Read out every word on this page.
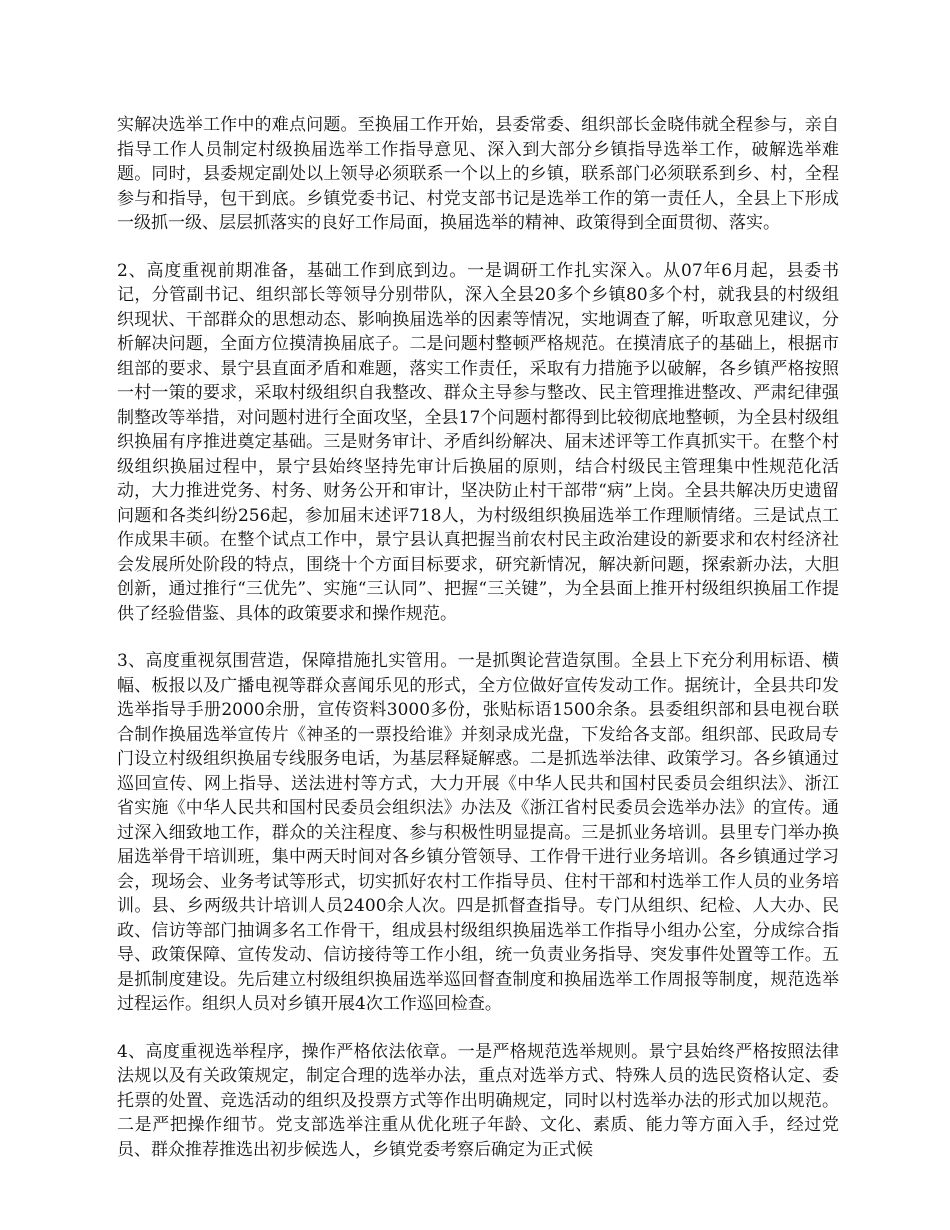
实解决选举工作中的难点问题。至换届工作开始，县委常委、组织部长金晓伟就全程参与，亲自指导工作人员制定村级换届选举工作指导意见、深入到大部分乡镇指导选举工作，破解选举难题。同时，县委规定副处以上领导必须联系一个以上的乡镇，联系部门必须联系到乡、村，全程参与和指导，包干到底。乡镇党委书记、村党支部书记是选举工作的第一责任人，全县上下形成一级抓一级、层层抓落实的良好工作局面，换届选举的精神、政策得到全面贯彻、落实。

2、高度重视前期准备，基础工作到底到边。一是调研工作扎实深入。从07年6月起，县委书记，分管副书记、组织部长等领导分别带队，深入全县20多个乡镇80多个村，就我县的村级组织现状、干部群众的思想动态、影响换届选举的因素等情况，实地调查了解，听取意见建议，分析解决问题，全面方位摸清换届底子。二是问题村整顿严格规范。在摸清底子的基础上，根据市组部的要求、景宁县直面矛盾和难题，落实工作责任，采取有力措施予以破解，各乡镇严格按照一村一策的要求，采取村级组织自我整改、群众主导参与整改、民主管理推进整改、严肃纪律强制整改等举措，对问题村进行全面攻坚，全县17个问题村都得到比较彻底地整顿，为全县村级组织换届有序推进奠定基础。三是财务审计、矛盾纠纷解决、届末述评等工作真抓实干。在整个村级组织换届过程中，景宁县始终坚持先审计后换届的原则，结合村级民主管理集中性规范化活动，大力推进党务、村务、财务公开和审计，坚决防止村干部带“病”上岗。全县共解决历史遗留问题和各类纠纷256起，参加届末述评718人，为村级组织换届选举工作理顺情绪。三是试点工作成果丰硕。在整个试点工作中，景宁县认真把握当前农村民主政治建设的新要求和农村经济社会发展所处阶段的特点，围绕十个方面目标要求，研究新情况，解决新问题，探索新办法，大胆创新，通过推行“三优先”、实施“三认同”、把握“三关键”，为全县面上推开村级组织换届工作提供了经验借鉴、具体的政策要求和操作规范。

3、高度重视氛围营造，保障措施扎实管用。一是抓舆论营造氛围。全县上下充分利用标语、横幅、板报以及广播电视等群众喜闻乐见的形式，全方位做好宣传发动工作。据统计，全县共印发选举指导手册2000余册，宣传资料3000多份，张贴标语1500余条。县委组织部和县电视台联合制作换届选举宣传片《神圣的一票投给谁》并刻录成光盘，下发给各支部。组织部、民政局专门设立村级组织换届专线服务电话，为基层释疑解惑。二是抓选举法律、政策学习。各乡镇通过巡回宣传、网上指导、送法进村等方式，大力开展《中华人民共和国村民委员会组织法》、浙江省实施《中华人民共和国村民委员会组织法》办法及《浙江省村民委员会选举办法》的宣传。通过深入细致地工作，群众的关注程度、参与积极性明显提高。三是抓业务培训。县里专门举办换届选举骨干培训班，集中两天时间对各乡镇分管领导、工作骨干进行业务培训。各乡镇通过学习会，现场会、业务考试等形式，切实抓好农村工作指导员、住村干部和村选举工作人员的业务培训。县、乡两级共计培训人员2400余人次。四是抓督查指导。专门从组织、纪检、人大办、民政、信访等部门抽调多名工作骨干，组成县村级组织换届选举工作指导小组办公室，分成综合指导、政策保障、宣传发动、信访接待等工作小组，统一负责业务指导、突发事件处置等工作。五是抓制度建设。先后建立村级组织换届选举巡回督查制度和换届选举工作周报等制度，规范选举过程运作。组织人员对乡镇开展4次工作巡回检查。

4、高度重视选举程序，操作严格依法依章。一是严格规范选举规则。景宁县始终严格按照法律法规以及有关政策规定，制定合理的选举办法，重点对选举方式、特殊人员的选民资格认定、委托票的处置、竞选活动的组织及投票方式等作出明确规定，同时以村选举办法的形式加以规范。二是严把操作细节。党支部选举注重从优化班子年龄、文化、素质、能力等方面入手，经过党员、群众推荐推选出初步候选人，乡镇党委考察后确定为正式候
